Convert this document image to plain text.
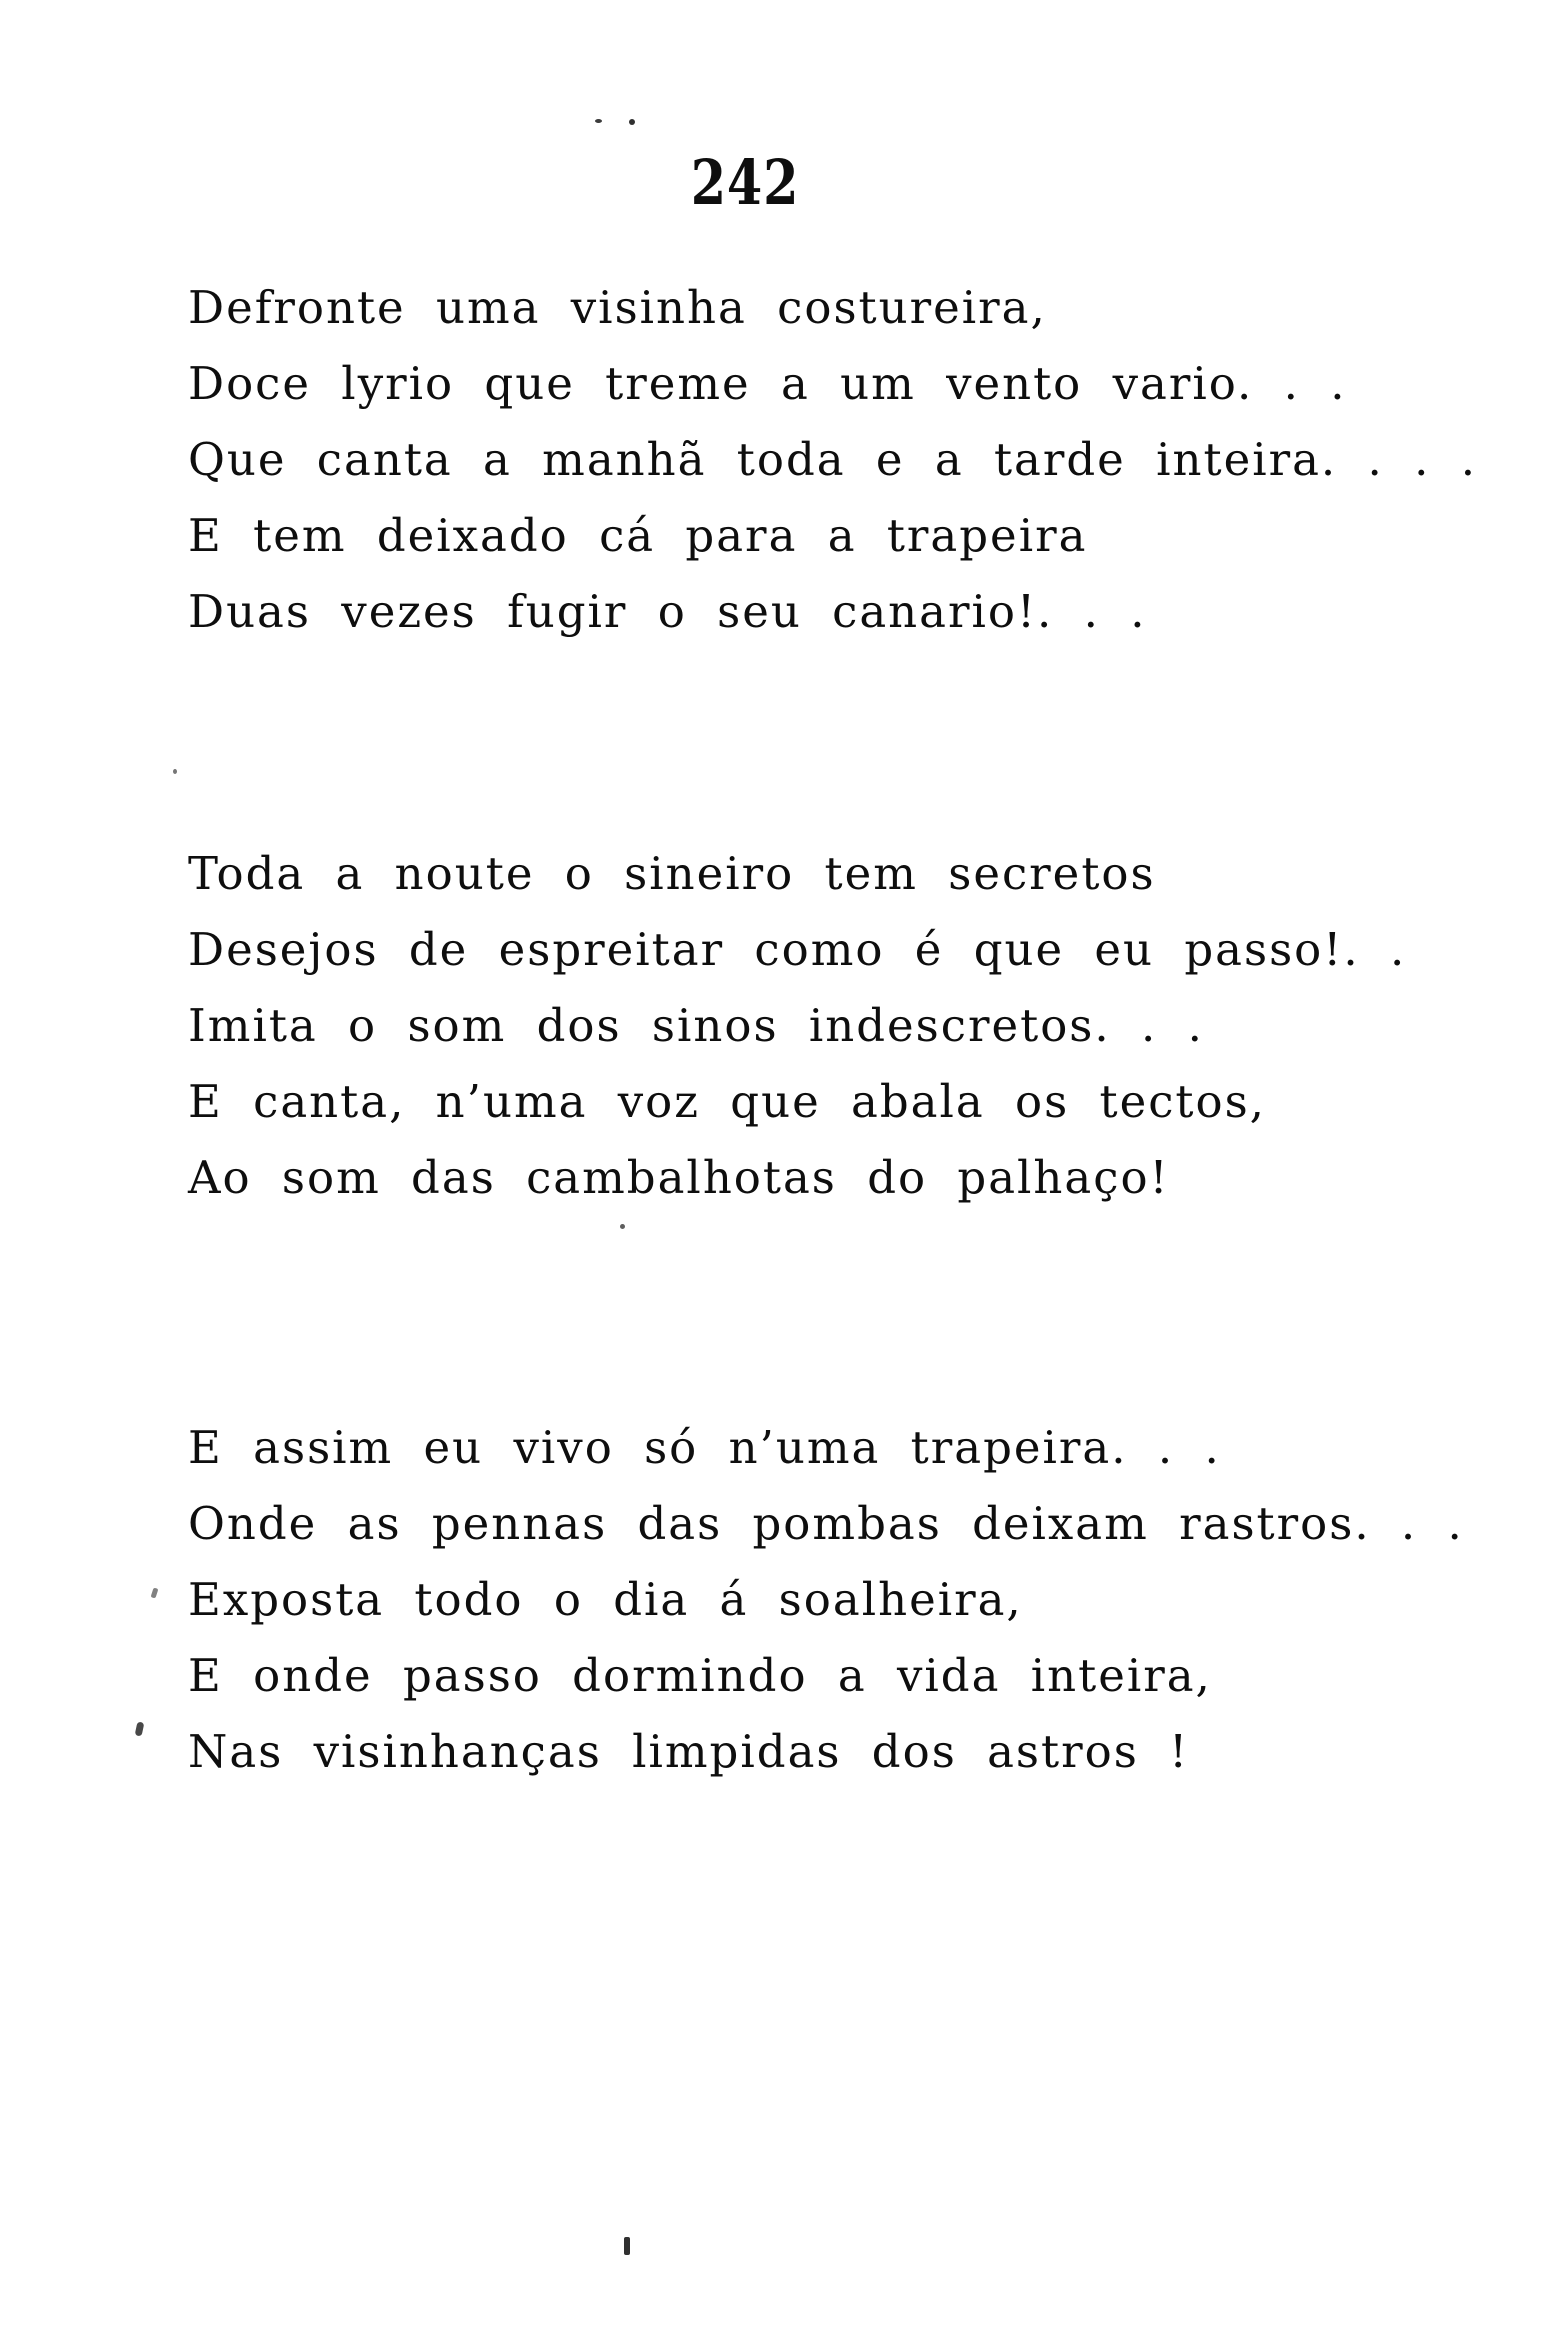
242

Defronte uma visinha costureira,

Doce lyrio que treme a um vento vario. . .

Que canta a manhã toda e a tarde inteira. . . .

E tem deixado cá para a trapeira

Duas vezes fugir o seu canario!. . .

Toda a noute o sineiro tem secretos

Desejos de espreitar como é que eu passo!. .

Imita o som dos sinos indescretos. . .

E canta, n’uma voz que abala os tectos,

Ao som das cambalhotas do palhaço!

E assim eu vivo só n’uma trapeira. . .

Onde as pennas das pombas deixam rastros. . .

Exposta todo o dia á soalheira,

E onde passo dormindo a vida inteira,

Nas visinhanças limpidas dos astros !
